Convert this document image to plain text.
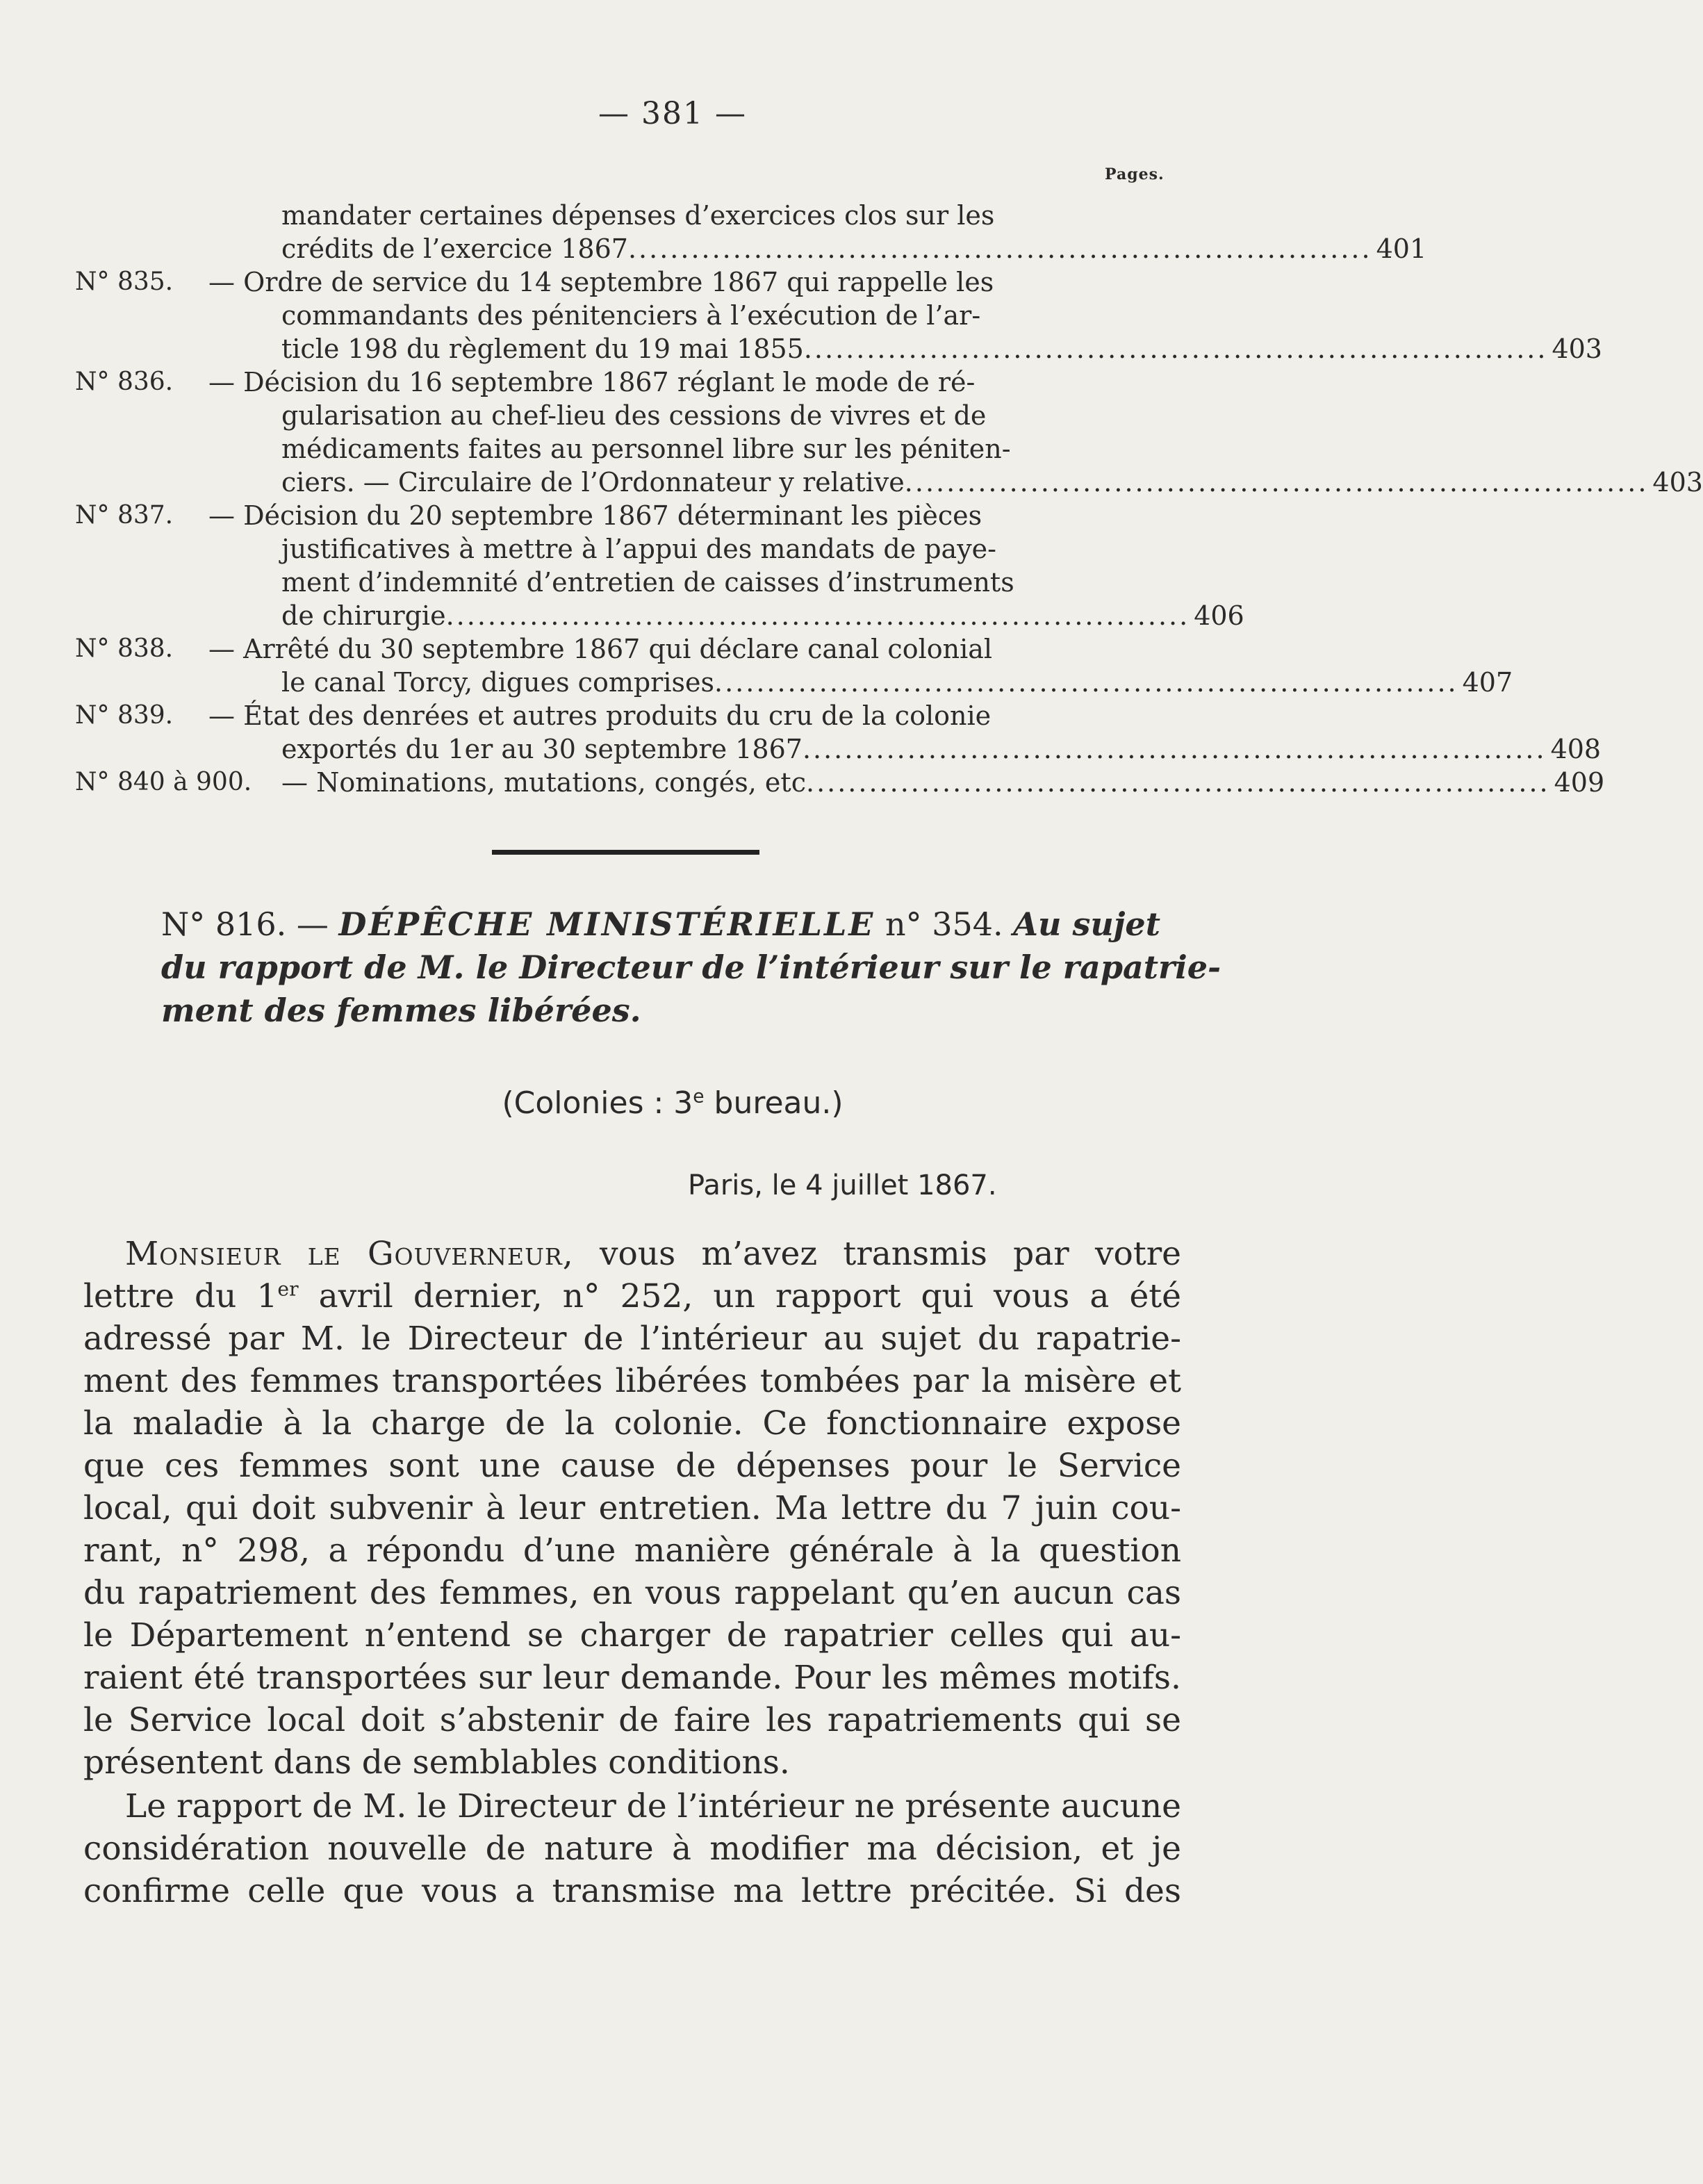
— 381 —
Pages.
mandater certaines dépenses d’exercices clos sur les
crédits de l’exercice 1867 ....................................................................... 401
N° 835. — Ordre de service du 14 septembre 1867 qui rappelle les
commandants des pénitenciers à l’exécution de l’ar-
ticle 198 du règlement du 19 mai 1855 ....................................................................... 403
N° 836. — Décision du 16 septembre 1867 réglant le mode de ré-
gularisation au chef-lieu des cessions de vivres et de
médicaments faites au personnel libre sur les péniten-
ciers. — Circulaire de l’Ordonnateur y relative ....................................................................... 403
N° 837. — Décision du 20 septembre 1867 déterminant les pièces
justificatives à mettre à l’appui des mandats de paye-
ment d’indemnité d’entretien de caisses d’instruments
de chirurgie ....................................................................... 406
N° 838. — Arrêté du 30 septembre 1867 qui déclare canal colonial
le canal Torcy, digues comprises ....................................................................... 407
N° 839. — État des denrées et autres produits du cru de la colonie
exportés du 1er au 30 septembre 1867 ....................................................................... 408
N° 840 à 900. — Nominations, mutations, congés, etc ....................................................................... 409
N° 816. — DÉPÊCHE MINISTÉRIELLE n° 354. Au sujet
du rapport de M. le Directeur de l’intérieur sur le rapatrie-
ment des femmes libérées.
(Colonies : 3e bureau.)
Paris, le 4 juillet 1867.
Monsieur le Gouverneur, vous m’avez transmis par votre
lettre du 1er avril dernier, n° 252, un rapport qui vous a été
adressé par M. le Directeur de l’intérieur au sujet du rapatrie-
ment des femmes transportées libérées tombées par la misère et
la maladie à la charge de la colonie. Ce fonctionnaire expose
que ces femmes sont une cause de dépenses pour le Service
local, qui doit subvenir à leur entretien. Ma lettre du 7 juin cou-
rant, n° 298, a répondu d’une manière générale à la question
du rapatriement des femmes, en vous rappelant qu’en aucun cas
le Département n’entend se charger de rapatrier celles qui au-
raient été transportées sur leur demande. Pour les mêmes motifs.
le Service local doit s’abstenir de faire les rapatriements qui se
présentent dans de semblables conditions.
Le rapport de M. le Directeur de l’intérieur ne présente aucune
considération nouvelle de nature à modifier ma décision, et je
confirme celle que vous a transmise ma lettre précitée. Si des
